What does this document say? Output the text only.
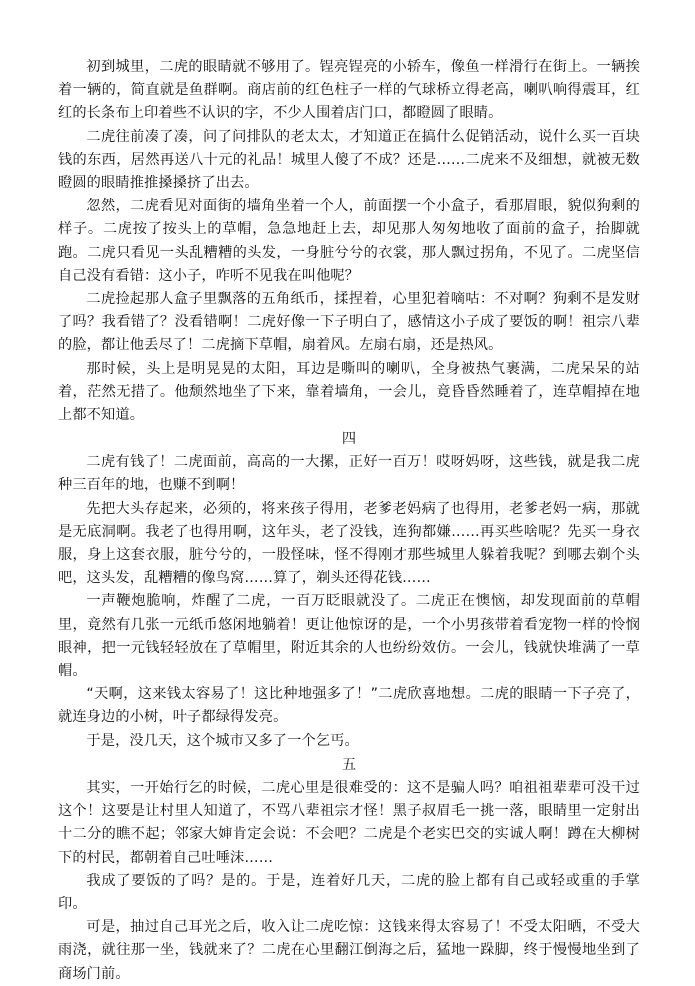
初到城里，二虎的眼睛就不够用了。锃亮锃亮的小轿车，像鱼一样滑行在街上。一辆挨着一辆的，简直就是鱼群啊。商店前的红色柱子一样的气球桥立得老高，喇叭响得震耳，红红的长条布上印着些不认识的字，不少人围着店门口，都瞪圆了眼睛。

二虎往前凑了凑，问了问排队的老太太，才知道正在搞什么促销活动，说什么买一百块钱的东西，居然再送八十元的礼品！城里人傻了不成？还是……二虎来不及细想，就被无数瞪圆的眼睛推推搡搡挤了出去。

忽然，二虎看见对面街的墙角坐着一个人，前面摆一个小盒子，看那眉眼，貌似狗剩的样子。二虎按了按头上的草帽，急急地赶上去，却见那人匆匆地收了面前的盒子，抬脚就跑。二虎只看见一头乱糟糟的头发，一身脏兮兮的衣裳，那人飘过拐角，不见了。二虎坚信自己没有看错：这小子，咋听不见我在叫他呢？

二虎捡起那人盒子里飘落的五角纸币，揉捏着，心里犯着嘀咕：不对啊？狗剩不是发财了吗？我看错了？没看错啊！二虎好像一下子明白了，感情这小子成了要饭的啊！祖宗八辈的脸，都让他丢尽了！二虎摘下草帽，扇着风。左扇右扇，还是热风。

那时候，头上是明晃晃的太阳，耳边是嘶叫的喇叭，全身被热气裹满，二虎呆呆的站着，茫然无措了。他颓然地坐了下来，靠着墙角，一会儿，竟昏昏然睡着了，连草帽掉在地上都不知道。

四

二虎有钱了！二虎面前，高高的一大摞，正好一百万！哎呀妈呀，这些钱，就是我二虎种三百年的地，也赚不到啊！

先把大头存起来，必须的，将来孩子得用，老爹老妈病了也得用，老爹老妈一病，那就是无底洞啊。我老了也得用啊，这年头，老了没钱，连狗都嫌……再买些啥呢？先买一身衣服，身上这套衣服，脏兮兮的，一股怪味，怪不得刚才那些城里人躲着我呢？到哪去剃个头吧，这头发，乱糟糟的像鸟窝……算了，剃头还得花钱……

一声鞭炮脆响，炸醒了二虎，一百万眨眼就没了。二虎正在懊恼，却发现面前的草帽里，竟然有几张一元纸币悠闲地躺着！更让他惊讶的是，一个小男孩带着看宠物一样的怜悯眼神，把一元钱轻轻放在了草帽里，附近其余的人也纷纷效仿。一会儿，钱就快堆满了一草帽。

“天啊，这来钱太容易了！这比种地强多了！”二虎欣喜地想。二虎的眼睛一下子亮了，就连身边的小树，叶子都绿得发亮。

于是，没几天，这个城市又多了一个乞丐。

五

其实，一开始行乞的时候，二虎心里是很难受的：这不是骗人吗？咱祖祖辈辈可没干过这个！这要是让村里人知道了，不骂八辈祖宗才怪！黑子叔眉毛一挑一落，眼睛里一定射出十二分的瞧不起；邻家大婶肯定会说：不会吧？二虎是个老实巴交的实诚人啊！蹲在大柳树下的村民，都朝着自己吐唾沫……

我成了要饭的了吗？是的。于是，连着好几天，二虎的脸上都有自己或轻或重的手掌印。

可是，抽过自己耳光之后，收入让二虎吃惊：这钱来得太容易了！不受太阳晒，不受大雨浇，就往那一坐，钱就来了？二虎在心里翻江倒海之后，猛地一跺脚，终于慢慢地坐到了商场门前。
